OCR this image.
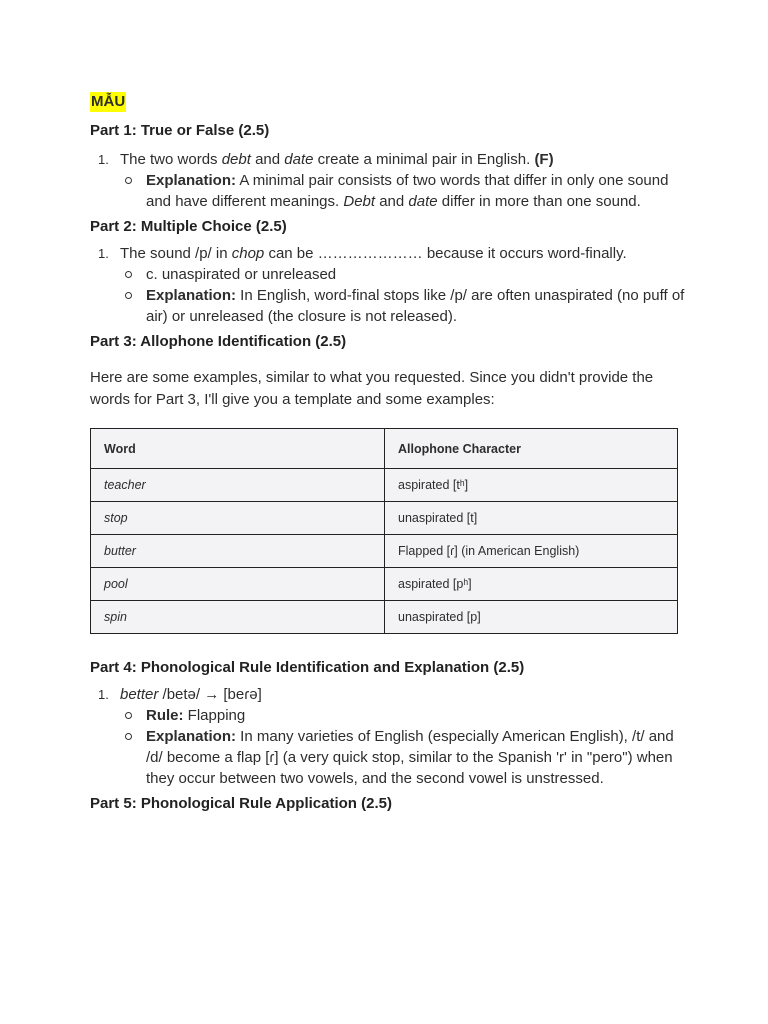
MẪU
Part 1: True or False (2.5)
1. The two words debt and date create a minimal pair in English. (F)
Explanation: A minimal pair consists of two words that differ in only one sound and have different meanings. Debt and date differ in more than one sound.
Part 2: Multiple Choice (2.5)
1. The sound /p/ in chop can be ………………… because it occurs word-finally.
c. unaspirated or unreleased
Explanation: In English, word-final stops like /p/ are often unaspirated (no puff of air) or unreleased (the closure is not released).
Part 3: Allophone Identification (2.5)

Here are some examples, similar to what you requested. Since you didn't provide the words for Part 3, I'll give you a template and some examples:

Word	Allophone Character
teacher	aspirated [tʰ]
stop	unaspirated [t]
butter	Flapped [ɾ] (in American English)
pool	aspirated [pʰ]
spin	unaspirated [p]
Part 4: Phonological Rule Identification and Explanation (2.5)
1. better /betə/ → [beɾə]
Rule: Flapping
Explanation: In many varieties of English (especially American English), /t/ and /d/ become a flap [ɾ] (a very quick stop, similar to the Spanish 'r' in "pero") when they occur between two vowels, and the second vowel is unstressed.
Part 5: Phonological Rule Application (2.5)
